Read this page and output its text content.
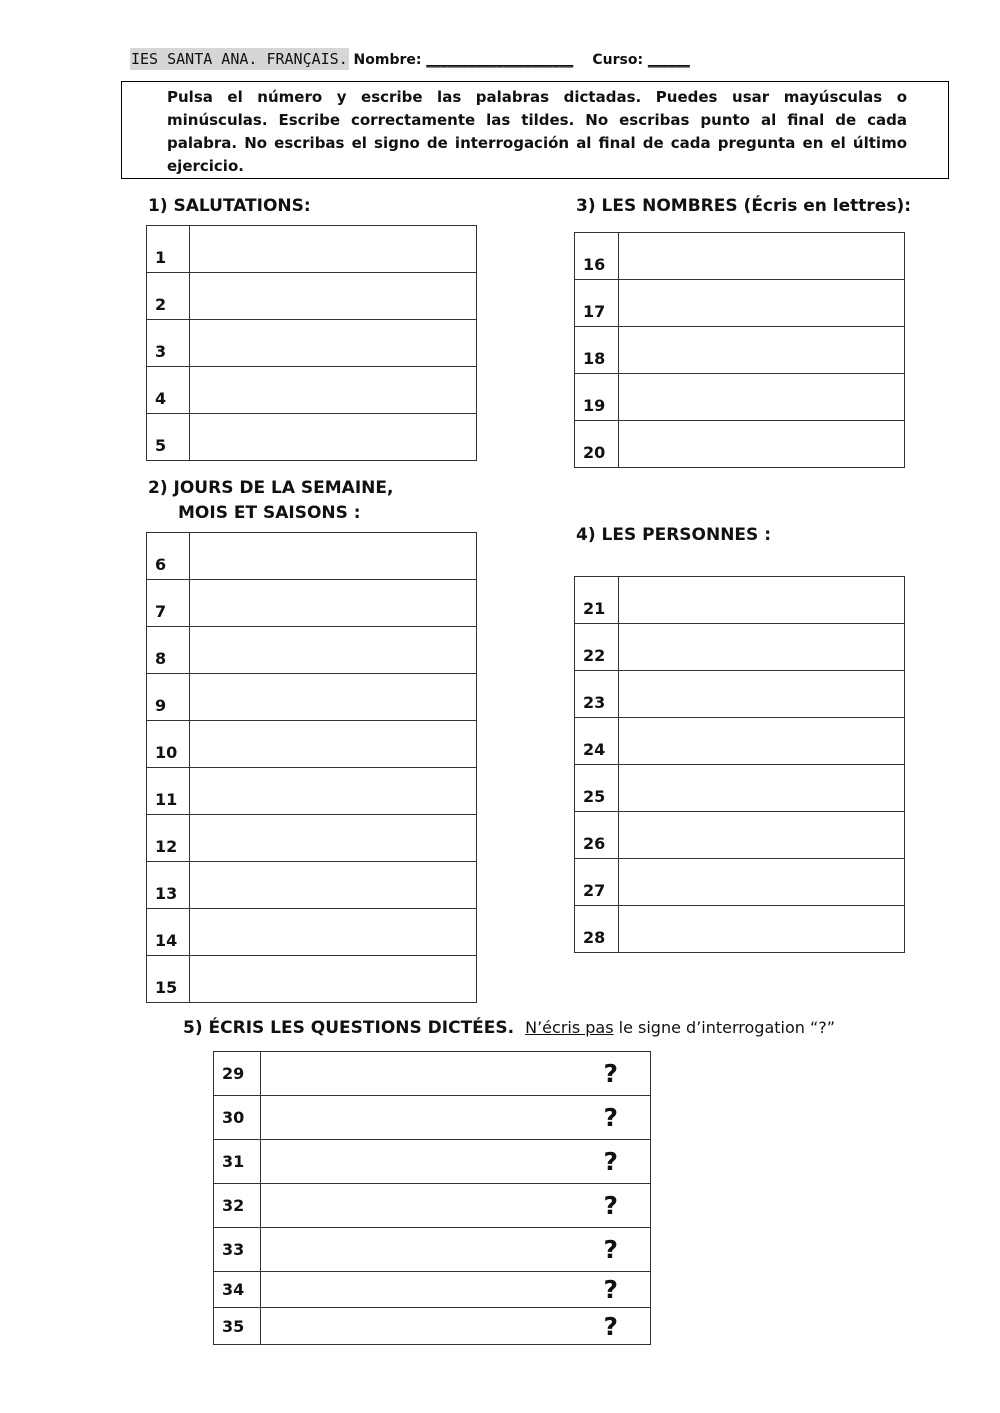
IES SANTA ANA. FRANÇAIS. Nombre: _____________________ Curso: ______

Pulsa el número y escribe las palabras dictadas. Puedes usar mayúsculas o minúsculas. Escribe correctamente las tildes. No escribas punto al final de cada palabra. No escribas el signo de interrogación al final de cada pregunta en el último ejercicio.

1) SALUTATIONS:
1	
2	
3	
4	
5	
2) JOURS DE LA SEMAINE,
MOIS ET SAISONS :
6	
7	
8	
9	
10	
11	
12	
13	
14	
15	
3) LES NOMBRES (Écris en lettres):
16	
17	
18	
19	
20	
4) LES PERSONNES :
21	
22	
23	
24	
25	
26	
27	
28	
5) ÉCRIS LES QUESTIONS DICTÉES. N’écris pas le signe d’interrogation “?”
29	?
30	?
31	?
32	?
33	?
34	?
35	?
